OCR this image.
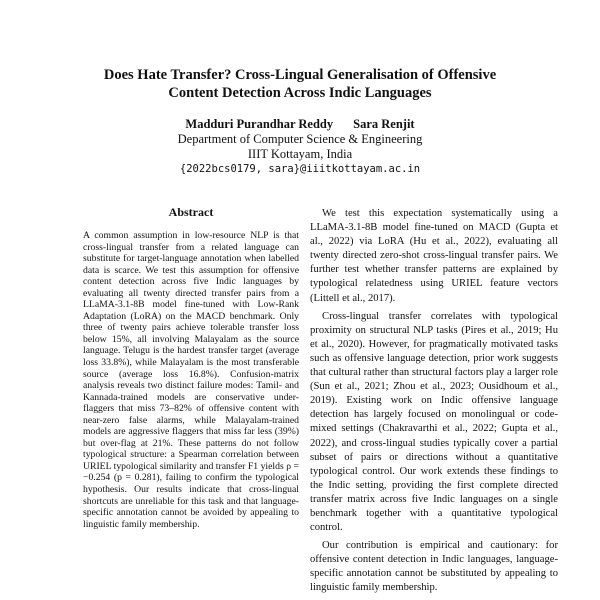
Does Hate Transfer? Cross-Lingual Generalisation of Offensive
Content Detection Across Indic Languages
Madduri Purandhar Reddy Sara Renjit
Department of Computer Science & Engineering
IIIT Kottayam, India
{2022bcs0179, sara}@iiitkottayam.ac.in
Abstract

A common assumption in low-resource NLP is that cross-lingual transfer from a related language can substitute for target-language annotation when labelled data is scarce. We test this assumption for offensive content detection across five Indic languages by evaluating all twenty directed transfer pairs from a LLaMA-3.1-8B model fine-tuned with Low-Rank Adaptation (LoRA) on the MACD benchmark. Only three of twenty pairs achieve tolerable transfer loss below 15%, all involving Malayalam as the source language. Telugu is the hardest transfer target (average loss 33.8%), while Malayalam is the most transferable source (average loss 16.8%). Confusion-matrix analysis reveals two distinct failure modes: Tamil- and Kannada-trained models are conservative under-flaggers that miss 73–82% of offensive content with near-zero false alarms, while Malayalam-trained models are aggressive flaggers that miss far less (39%) but over-flag at 21%. These patterns do not follow typological structure: a Spearman correlation between URIEL typological similarity and transfer F1 yields ρ = −0.254 (p = 0.281), failing to confirm the typological hypothesis. Our results indicate that cross-lingual shortcuts are unreliable for this task and that language-specific annotation cannot be avoided by appealing to linguistic family membership.

We test this expectation systematically using a LLaMA-3.1-8B model fine-tuned on MACD (Gupta et al., 2022) via LoRA (Hu et al., 2022), evaluating all twenty directed zero-shot cross-lingual transfer pairs. We further test whether transfer patterns are explained by typological relatedness using URIEL feature vectors (Littell et al., 2017).

Cross-lingual transfer correlates with typological proximity on structural NLP tasks (Pires et al., 2019; Hu et al., 2020). However, for pragmatically motivated tasks such as offensive language detection, prior work suggests that cultural rather than structural factors play a larger role (Sun et al., 2021; Zhou et al., 2023; Ousidhoum et al., 2019). Existing work on Indic offensive language detection has largely focused on monolingual or code-mixed settings (Chakravarthi et al., 2022; Gupta et al., 2022), and cross-lingual studies typically cover a partial subset of pairs or directions without a quantitative typological control. Our work extends these findings to the Indic setting, providing the first complete directed transfer matrix across five Indic languages on a single benchmark together with a quantitative typological control.

Our contribution is empirical and cautionary: for offensive content detection in Indic languages, language-specific annotation cannot be substituted by appealing to linguistic family membership.
